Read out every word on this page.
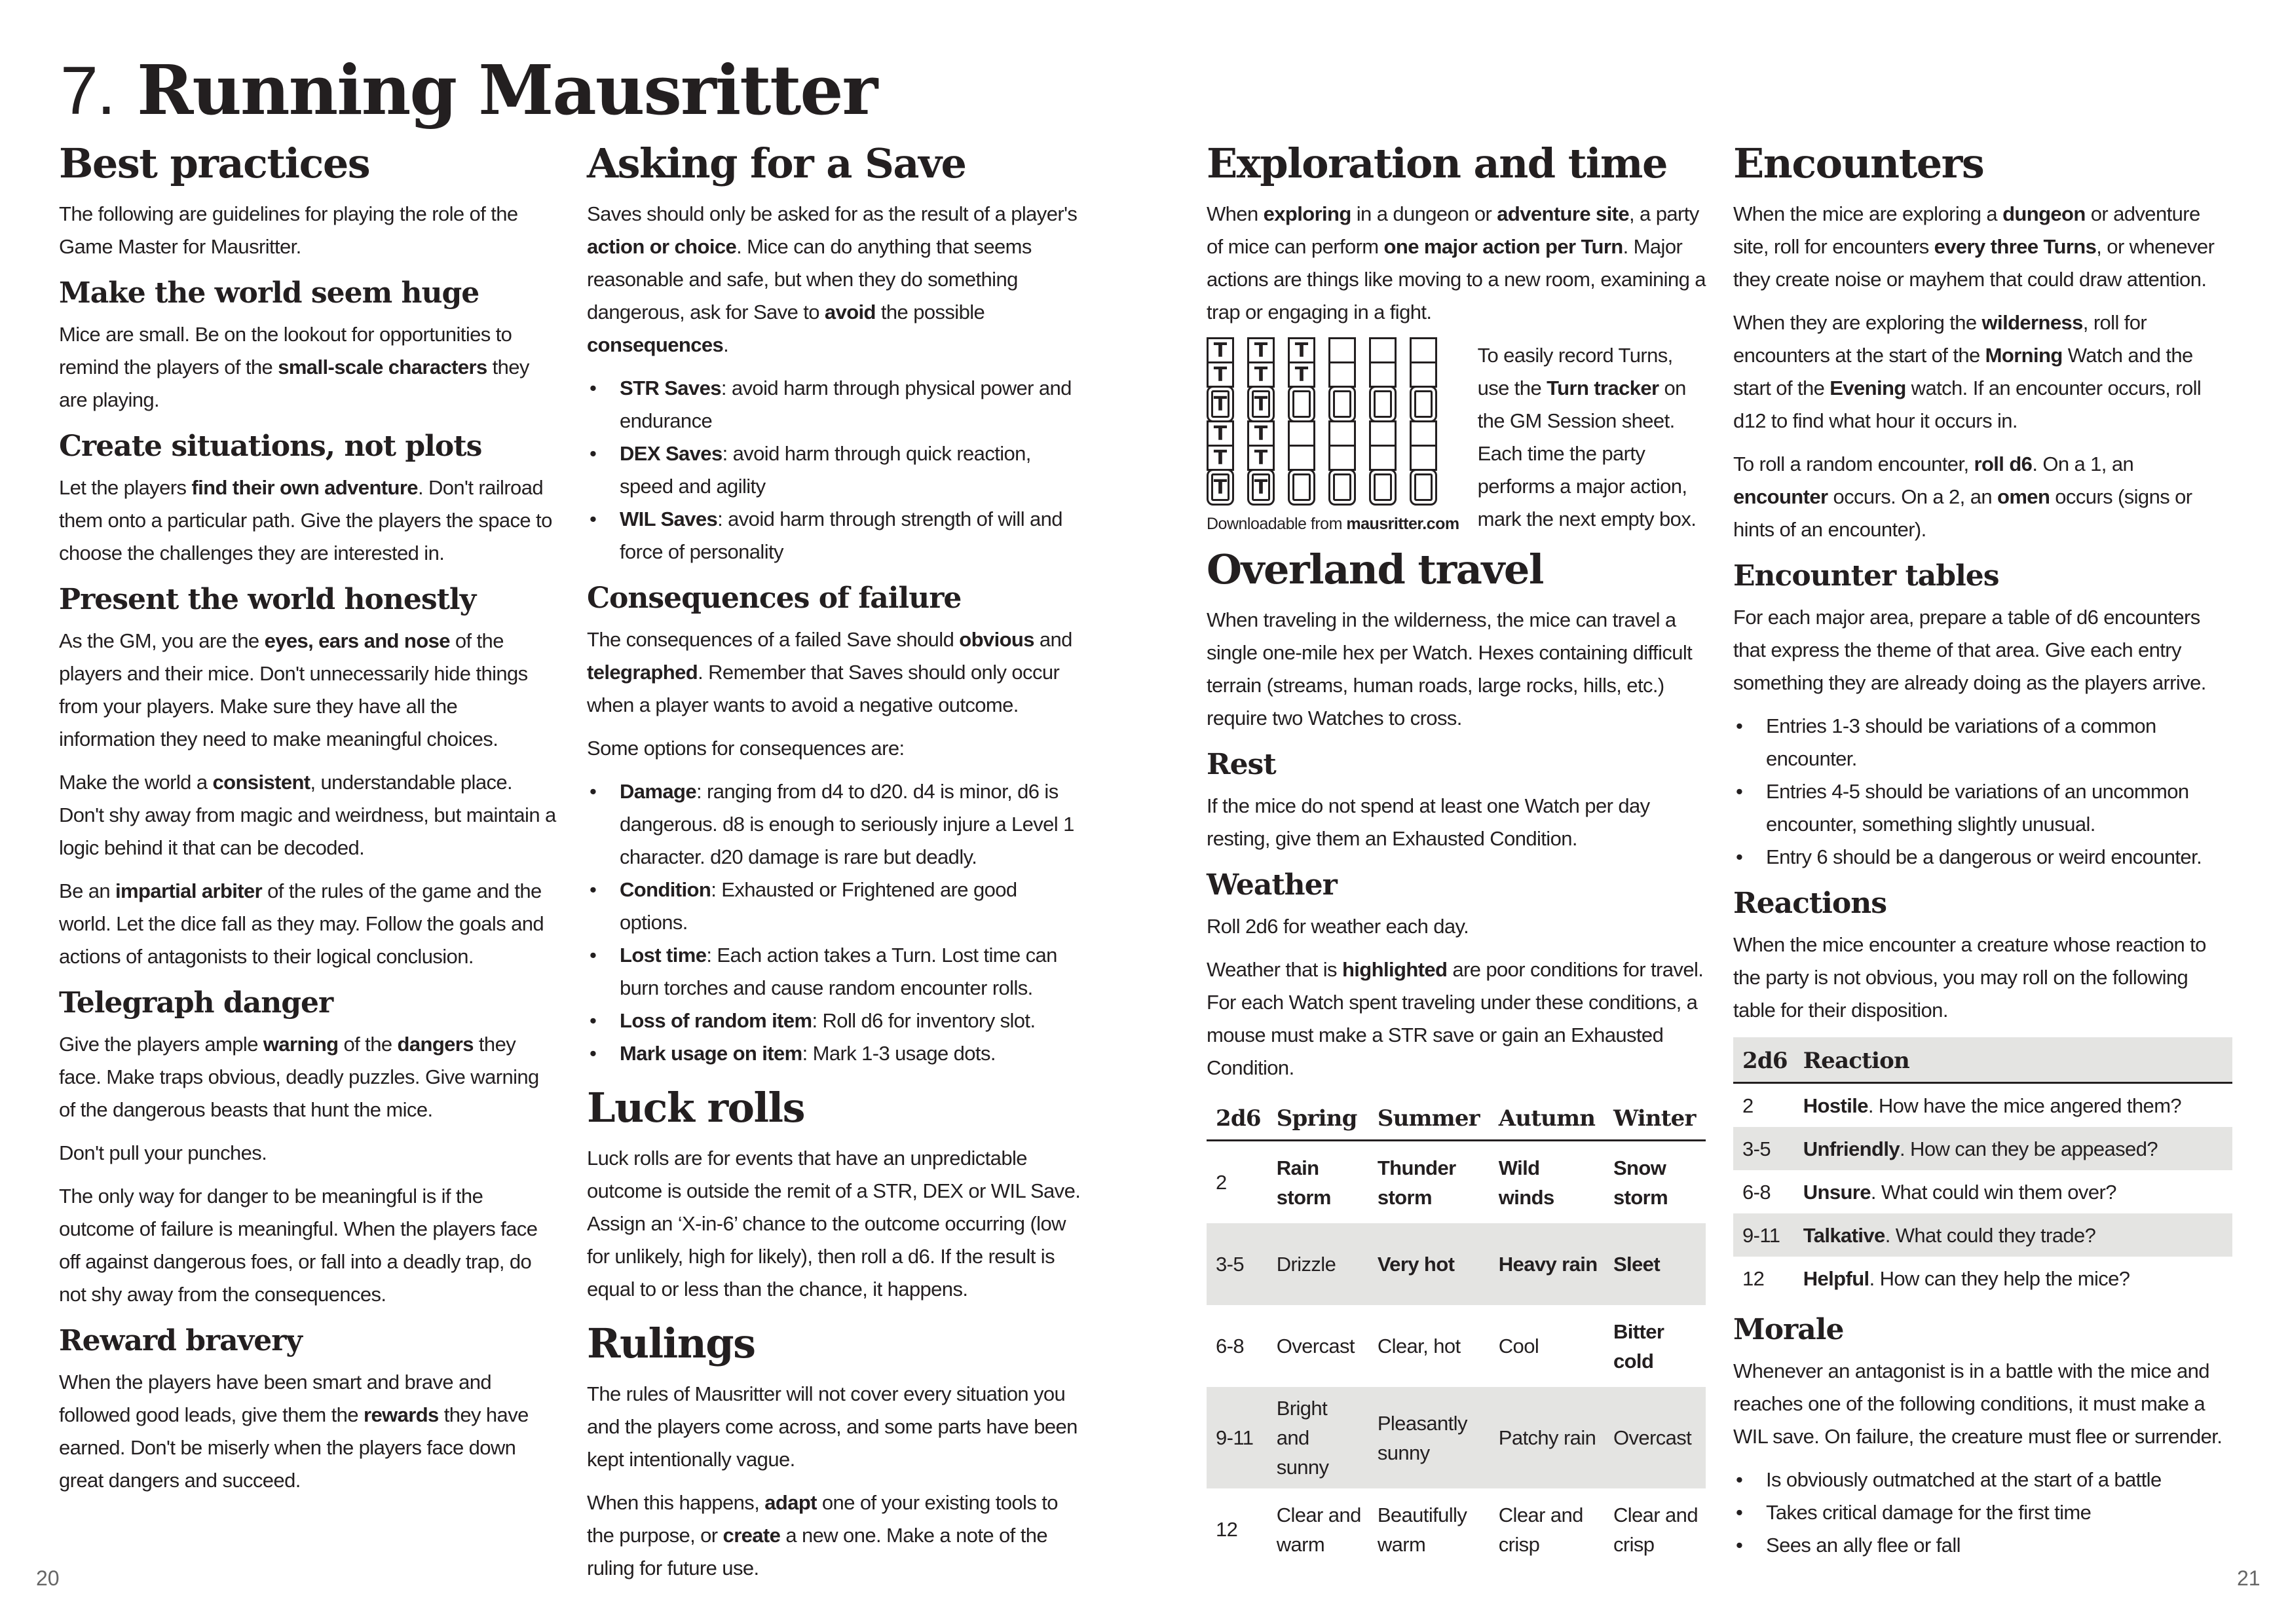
7. Running Mausritter
Best practices

The following are guidelines for playing the role of the Game Master for Mausritter.

Make the world seem huge

Mice are small. Be on the lookout for opportunities to remind the players of the small-scale characters they are playing.

Create situations, not plots

Let the players find their own adventure. Don't railroad them onto a particular path. Give the players the space to choose the challenges they are interested in.

Present the world honestly

As the GM, you are the eyes, ears and nose of the players and their mice. Don't unnecessarily hide things from your players. Make sure they have all the information they need to make meaningful choices.

Make the world a consistent, understandable place. Don't shy away from magic and weirdness, but maintain a logic behind it that can be decoded.

Be an impartial arbiter of the rules of the game and the world. Let the dice fall as they may. Follow the goals and actions of antagonists to their logical conclusion.

Telegraph danger

Give the players ample warning of the dangers they face. Make traps obvious, deadly puzzles. Give warning of the dangerous beasts that hunt the mice.

Don't pull your punches.

The only way for danger to be meaningful is if the outcome of failure is meaningful. When the players face off against dangerous foes, or fall into a deadly trap, do not shy away from the consequences.

Reward bravery

When the players have been smart and brave and followed good leads, give them the rewards they have earned. Don't be miserly when the players face down great dangers and succeed.

Asking for a Save

Saves should only be asked for as the result of a player's action or choice. Mice can do anything that seems reasonable and safe, but when they do something dangerous, ask for Save to avoid the possible consequences.

• STR Saves: avoid harm through physical power and endurance
• DEX Saves: avoid harm through quick reaction, speed and agility
• WIL Saves: avoid harm through strength of will and force of personality
Consequences of failure

The consequences of a failed Save should obvious and telegraphed. Remember that Saves should only occur when a player wants to avoid a negative outcome.

Some options for consequences are:

• Damage: ranging from d4 to d20. d4 is minor, d6 is dangerous. d8 is enough to seriously injure a Level 1 character. d20 damage is rare but deadly.
• Condition: Exhausted or Frightened are good options.
• Lost time: Each action takes a Turn. Lost time can burn torches and cause random encounter rolls.
• Loss of random item: Roll d6 for inventory slot.
• Mark usage on item: Mark 1-3 usage dots.
Luck rolls

Luck rolls are for events that have an unpredictable outcome is outside the remit of a STR, DEX or WIL Save. Assign an ‘X-in-6’ chance to the outcome occurring (low for unlikely, high for likely), then roll a d6. If the result is equal to or less than the chance, it happens.

Rulings

The rules of Mausritter will not cover every situation you and the players come across, and some parts have been kept intentionally vague.

When this happens, adapt one of your existing tools to the purpose, or create a new one. Make a note of the ruling for future use.

Exploration and time

When exploring in a dungeon or adventure site, a party of mice can perform one major action per Turn. Major actions are things like moving to a new room, examining a trap or engaging in a fight.

T
T
T
T
T
T
T
T
T
T
T
T
T
T
Downloadable from mausritter.com

To easily record Turns, use the Turn tracker on the GM Session sheet. Each time the party performs a major action, mark the next empty box.

Overland travel

When traveling in the wilderness, the mice can travel a single one-mile hex per Watch. Hexes containing difficult terrain (streams, human roads, large rocks, hills, etc.) require two Watches to cross.

Rest

If the mice do not spend at least one Watch per day resting, give them an Exhausted Condition.

Weather

Roll 2d6 for weather each day.

Weather that is highlighted are poor conditions for travel. For each Watch spent traveling under these conditions, a mouse must make a STR save or gain an Exhausted Condition.

2d6	Spring	Summer	Autumn	Winter
2	Rain storm	Thunder storm	Wild winds	Snow storm
3-5	Drizzle	Very hot	Heavy rain	Sleet
6-8	Overcast	Clear, hot	Cool	Bitter cold
9-11	Bright and sunny	Pleasantly sunny	Patchy rain	Overcast
12	Clear and warm	Beautifully warm	Clear and crisp	Clear and crisp
Encounters

When the mice are exploring a dungeon or adventure site, roll for encounters every three Turns, or whenever they create noise or mayhem that could draw attention.

When they are exploring the wilderness, roll for encounters at the start of the Morning Watch and the start of the Evening watch. If an encounter occurs, roll d12 to find what hour it occurs in.

To roll a random encounter, roll d6. On a 1, an encounter occurs. On a 2, an omen occurs (signs or hints of an encounter).

Encounter tables

For each major area, prepare a table of d6 encounters that express the theme of that area. Give each entry something they are already doing as the players arrive.

• Entries 1-3 should be variations of a common encounter.
• Entries 4-5 should be variations of an uncommon encounter, something slightly unusual.
• Entry 6 should be a dangerous or weird encounter.
Reactions

When the mice encounter a creature whose reaction to the party is not obvious, you may roll on the following table for their disposition.

2d6	Reaction
2	Hostile. How have the mice angered them?
3-5	Unfriendly. How can they be appeased?
6-8	Unsure. What could win them over?
9-11	Talkative. What could they trade?
12	Helpful. How can they help the mice?
Morale

Whenever an antagonist is in a battle with the mice and reaches one of the following conditions, it must make a WIL save. On failure, the creature must flee or surrender.

• Is obviously outmatched at the start of a battle
• Takes critical damage for the first time
• Sees an ally flee or fall
20	21
